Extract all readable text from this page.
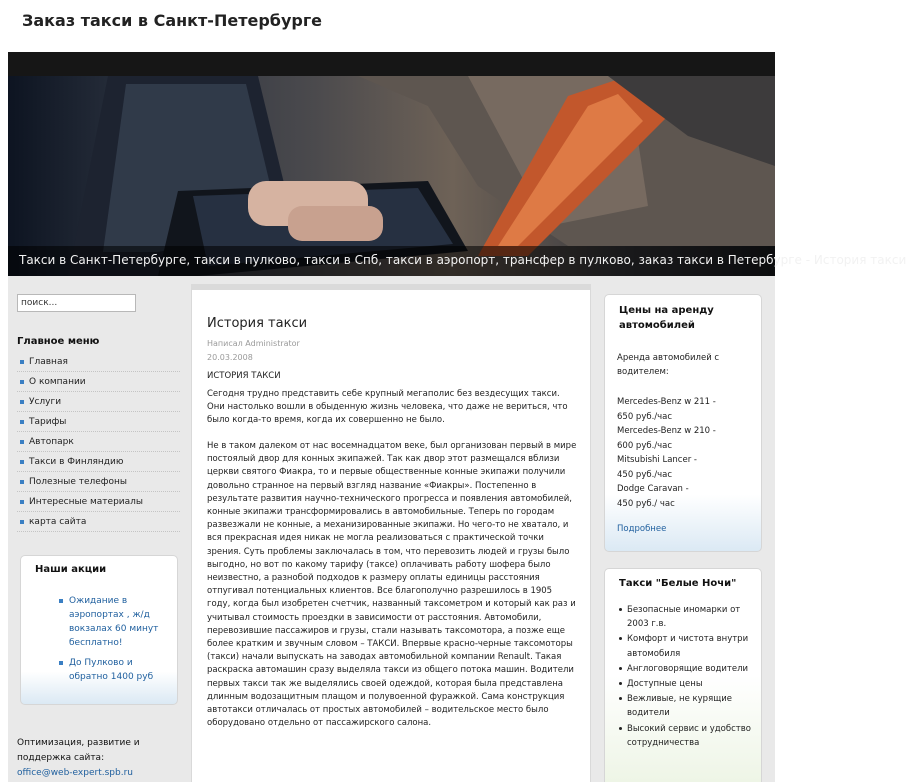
Заказ такси в Санкт-Петербурге
Такси в Санкт-Петербурге, такси в пулково, такси в Спб, такси в аэропорт, трансфер в пулково, заказ такси в Петербурге - История такси
поиск...
Главное меню
Главная
О компании
Услуги
Тарифы
Автопарк
Такси в Финляндию
Полезные телефоны
Интересные материалы
карта сайта
Наши акции
Ожидание в аэропортах , ж/д вокзалах 60 минут бесплатно!
До Пулково и обратно 1400 руб
Оптимизация, развитие и поддержка сайта:
office@web-expert.spb.ru
История такси
Написал Administrator
20.03.2008
ИСТОРИЯ ТАКСИ

Сегодня трудно представить себе крупный мегаполис без вездесущих такси. Они настолько вошли в обыденную жизнь человека, что даже не вериться, что было когда-то время, когда их совершенно не было.

Не в таком далеком от нас восемнадцатом веке, был организован первый в мире постоялый двор для конных экипажей. Так как двор этот размещался вблизи церкви святого Фиакра, то и первые общественные конные экипажи получили довольно странное на первый взгляд название «Фиакры». Постепенно в результате развития научно-технического прогресса и появления автомобилей, конные экипажи трансформировались в автомобильные. Теперь по городам развезжали не конные, а механизированные экипажи. Но чего-то не хватало, и вся прекрасная идея никак не могла реализоваться с практической точки зрения. Суть проблемы заключалась в том, что перевозить людей и грузы было выгодно, но вот по какому тарифу (таксе) оплачивать работу шофера было неизвестно, а разнобой подходов к размеру оплаты единицы расстояния отпугивал потенциальных клиентов. Все благополучно разрешилось в 1905 году, когда был изобретен счетчик, названный таксометром и который как раз и учитывал стоимость проездки в зависимости от расстояния. Автомобили, перевозившие пассажиров и грузы, стали называть таксомотора, а позже еще более кратким и звучным словом – ТАКСИ. Впервые красно-черные таксомоторы (такси) начали выпускать на заводах автомобильной компании Renault. Такая раскраска автомашин сразу выделяла такси из общего потока машин. Водители первых такси так же выделялись своей одеждой, которая была представлена длинным водозащитным плащом и полувоенной фуражкой. Сама конструкция автотакси отличалась от простых автомобилей – водительское место было оборудовано отдельно от пассажирского салона.

Цены на аренду автомобилей
Аренда автомобилей с водителем:
Mercedes-Benz w 211 -
650 руб./час
Mercedes-Benz w 210 -
600 руб./час
Mitsubishi Lancer -
450 руб./час
Dodge Caravan -
450 руб./ час
Подробнее
Такси "Белые Ночи"
Безопасные иномарки от 2003 г.в.
Комфорт и чистота внутри автомобиля
Англоговорящие водители
Доступные цены
Вежливые, не курящие водители
Высокий сервис и удобство сотрудничества
